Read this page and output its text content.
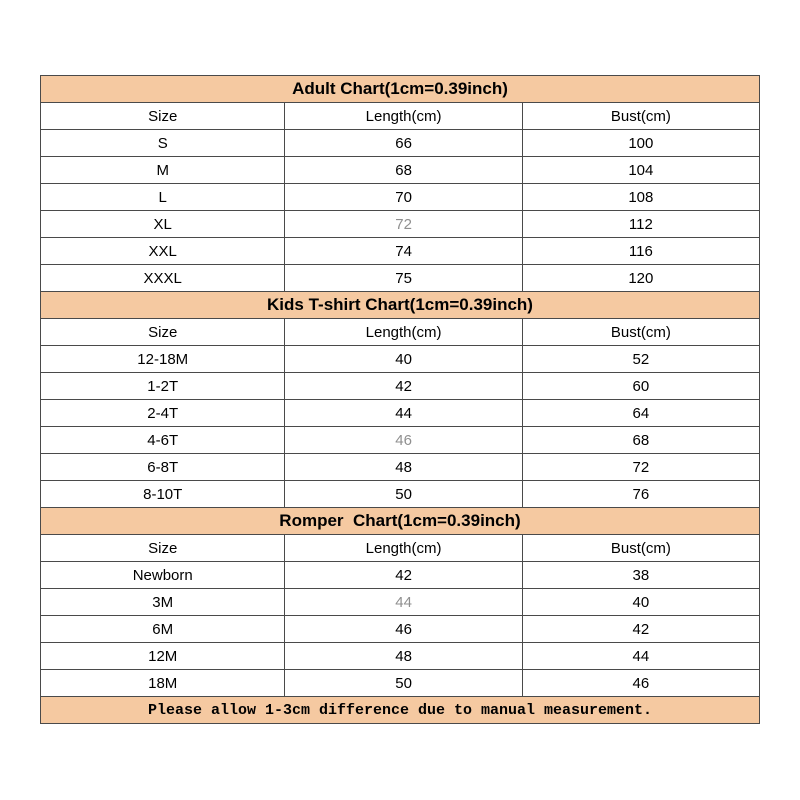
Adult Chart(1cm=0.39inch)		
Size	Length(cm)	Bust(cm)
S	66	100
M	68	104
L	70	108
XL	72	112
XXL	74	116
XXXL	75	120
Kids T-shirt Chart(1cm=0.39inch)		
Size	Length(cm)	Bust(cm)
12-18M	40	52
1-2T	42	60
2-4T	44	64
4-6T	46	68
6-8T	48	72
8-10T	50	76
Romper  Chart(1cm=0.39inch)		
Size	Length(cm)	Bust(cm)
Newborn	42	38
3M	44	40
6M	46	42
12M	48	44
18M	50	46
Please allow 1-3cm difference due to manual measurement.		
